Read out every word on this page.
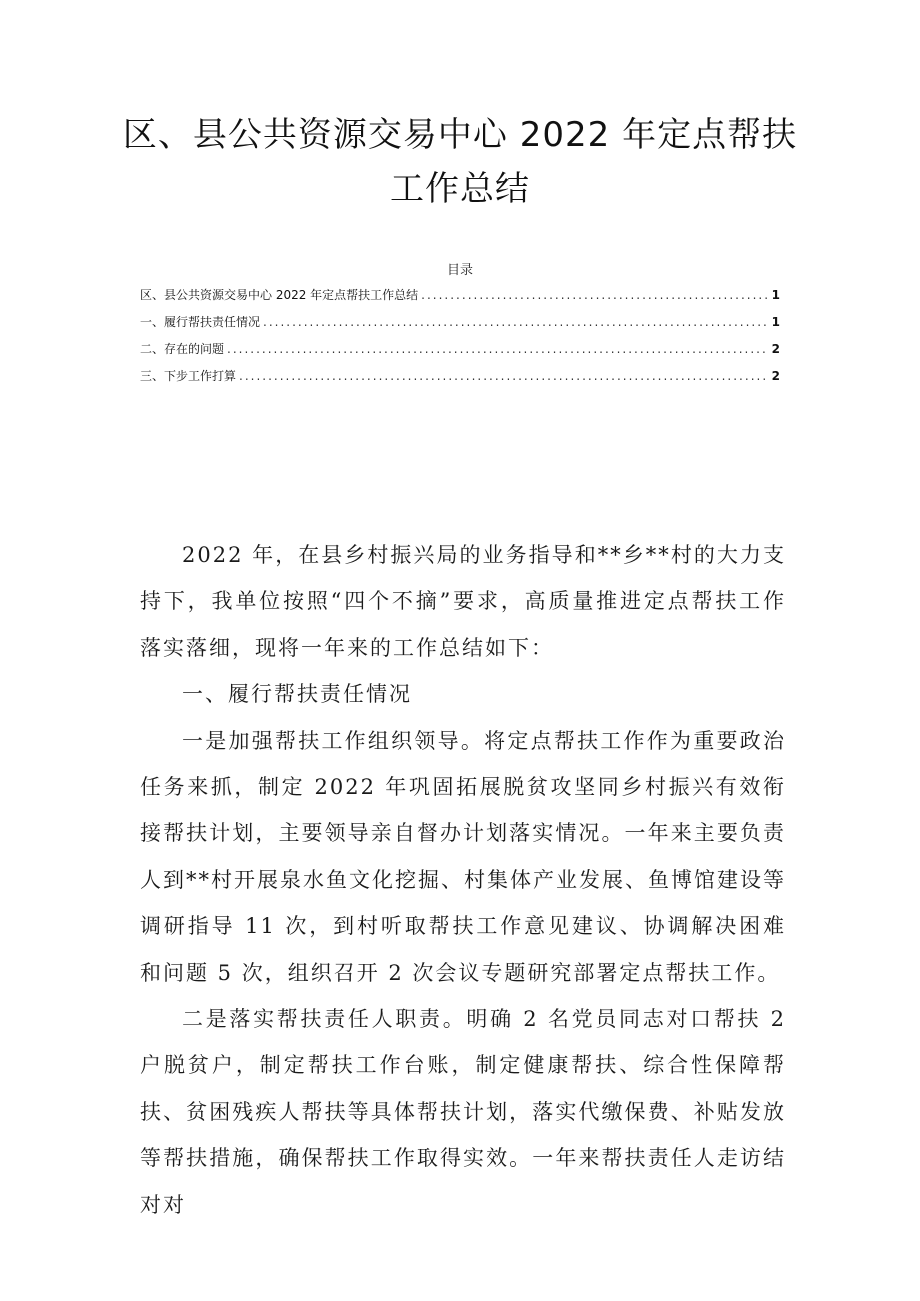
区、县公共资源交易中心 2022 年定点帮扶
工作总结
目录
区、县公共资源交易中心 2022 年定点帮扶工作总结 .....	1
一、履行帮扶责任情况 .....	1
二、存在的问题 .....	2
三、下步工作打算 .....	2

2022 年，在县乡村振兴局的业务指导和**乡**村的大力支持下，我单位按照“四个不摘”要求，高质量推进定点帮扶工作落实落细，现将一年来的工作总结如下：

一、履行帮扶责任情况

一是加强帮扶工作组织领导。将定点帮扶工作作为重要政治任务来抓，制定 2022 年巩固拓展脱贫攻坚同乡村振兴有效衔接帮扶计划，主要领导亲自督办计划落实情况。一年来主要负责人到**村开展泉水鱼文化挖掘、村集体产业发展、鱼博馆建设等调研指导 11 次，到村听取帮扶工作意见建议、协调解决困难和问题 5 次，组织召开 2 次会议专题研究部署定点帮扶工作。

二是落实帮扶责任人职责。明确 2 名党员同志对口帮扶 2 户脱贫户，制定帮扶工作台账，制定健康帮扶、综合性保障帮扶、贫困残疾人帮扶等具体帮扶计划，落实代缴保费、补贴发放等帮扶措施，确保帮扶工作取得实效。一年来帮扶责任人走访结对对
